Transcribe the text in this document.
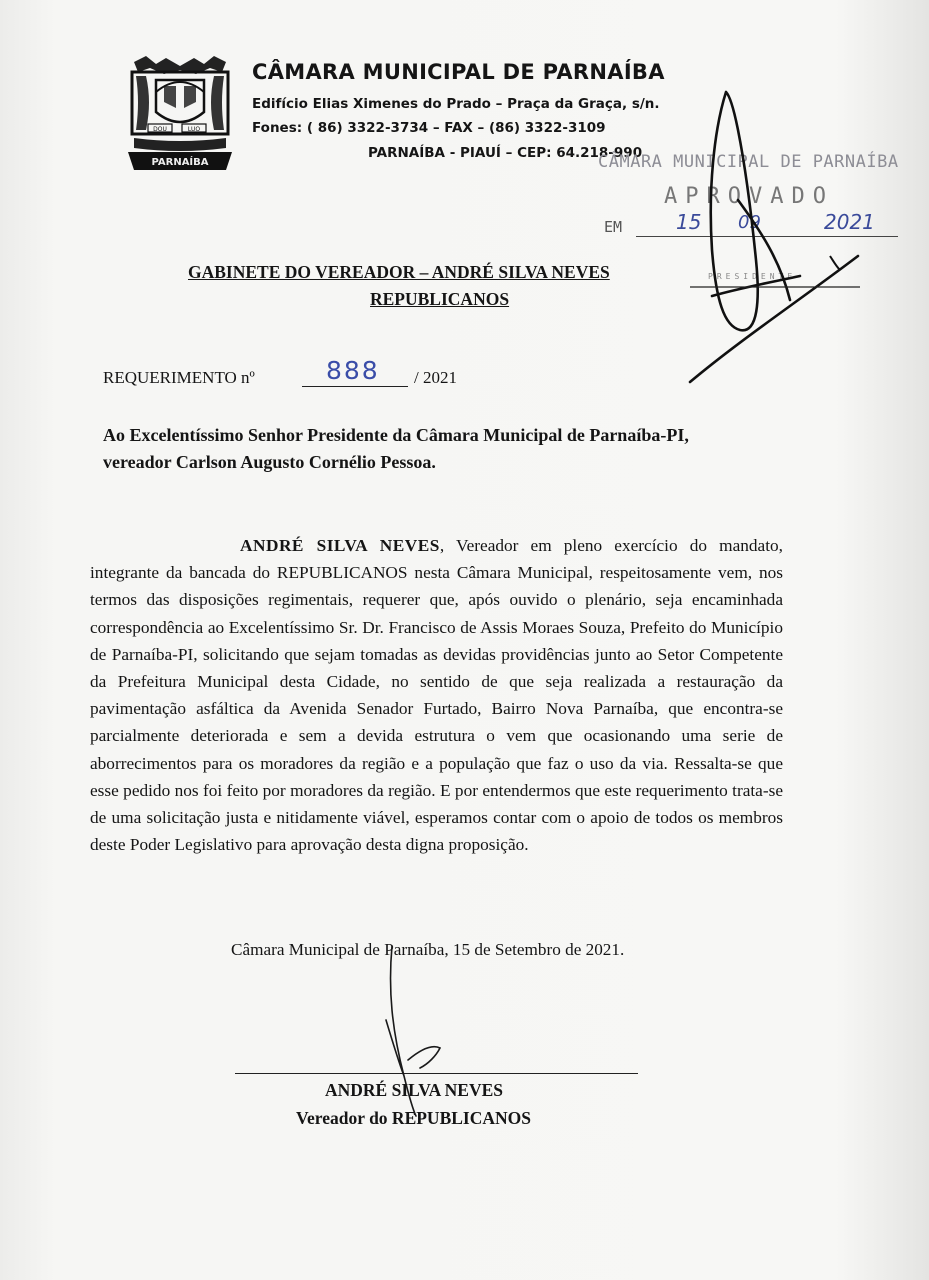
DOU	LUO
PARNAÍBA
CÂMARA MUNICIPAL DE PARNAÍBA
Edifício Elias Ximenes do Prado – Praça da Graça, s/n.
Fones: ( 86) 3322-3734 – FAX – (86) 3322-3109
PARNAÍBA - PIAUÍ – CEP: 64.218-990
CÂMARA MUNICIPAL DE PARNAÍBA
APROVADO
EM	15 09	2021
PRESIDENTE
GABINETE DO VEREADOR – ANDRÉ SILVA NEVES
REPUBLICANOS
REQUERIMENTO nº	888 / 2021
Ao Excelentíssimo Senhor Presidente da Câmara Municipal de Parnaíba-PI,
vereador Carlson Augusto Cornélio Pessoa.
ANDRÉ SILVA NEVES, Vereador em pleno exercício do mandato, integrante da bancada do REPUBLICANOS nesta Câmara Municipal, respeitosamente vem, nos termos das disposições regimentais, requerer que, após ouvido o plenário, seja encaminhada correspondência ao Excelentíssimo Sr. Dr. Francisco de Assis Moraes Souza, Prefeito do Município de Parnaíba-PI, solicitando que sejam tomadas as devidas providências junto ao Setor Competente da Prefeitura Municipal desta Cidade, no sentido de que seja realizada a restauração da pavimentação asfáltica da Avenida Senador Furtado, Bairro Nova Parnaíba, que encontra-se parcialmente deteriorada e sem a devida estrutura o vem que ocasionando uma serie de aborrecimentos para os moradores da região e a população que faz o uso da via. Ressalta-se que esse pedido nos foi feito por moradores da região. E por entendermos que este requerimento trata-se de uma solicitação justa e nitidamente viável, esperamos contar com o apoio de todos os membros deste Poder Legislativo para aprovação desta digna proposição.
Câmara Municipal de Parnaíba, 15 de Setembro de 2021.
ANDRÉ SILVA NEVES
Vereador do REPUBLICANOS
